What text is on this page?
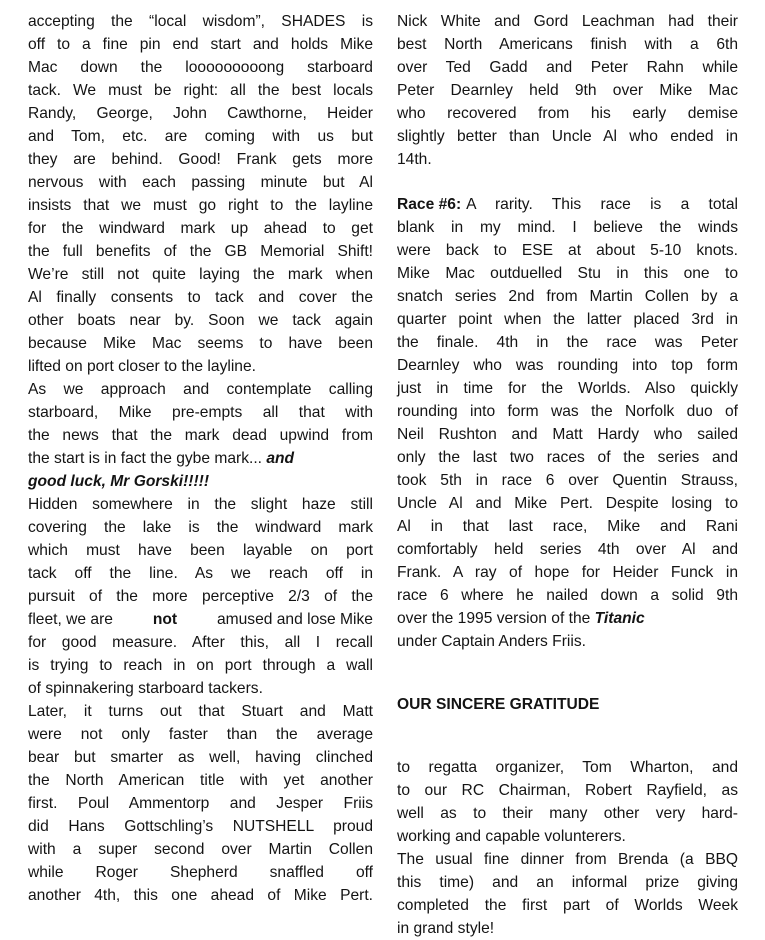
accepting the “local wisdom”, SHADES is
off to a fine pin end start and holds Mike
Mac down the looooooooong starboard
tack. We must be right: all the best locals
Randy, George, John Cawthorne, Heider
and Tom, etc. are coming with us but
they are behind. Good! Frank gets more
nervous with each passing minute but Al
insists that we must go right to the layline
for the windward mark up ahead to get
the full benefits of the GB Memorial Shift!
We’re still not quite laying the mark when
Al finally consents to tack and cover the
other boats near by. Soon we tack again
because Mike Mac seems to have been
lifted on port closer to the layline.
As we approach and contemplate calling
starboard, Mike pre-empts all that with
the news that the mark dead upwind from
the start is in fact the gybe mark... and
good luck, Mr Gorski!!!!!
Hidden somewhere in the slight haze still
covering the lake is the windward mark
which must have been layable on port
tack off the line. As we reach off in
pursuit of the more perceptive 2/3 of the
fleet, we are	not	amused and lose Mike
for good measure. After this, all I recall
is trying to reach in on port through a wall
of spinnakering starboard tackers.
Later, it turns out that Stuart and Matt
were not only faster than the average
bear but smarter as well, having clinched
the North American title with yet another
first. Poul Ammentorp and Jesper Friis
did Hans Gottschling’s NUTSHELL proud
with a super second over Martin Collen
while Roger Shepherd snaffled off
another 4th, this one ahead of Mike Pert.
Nick White and Gord Leachman had their
best North Americans finish with a 6th
over Ted Gadd and Peter Rahn while
Peter Dearnley held 9th over Mike Mac
who recovered from his early demise
slightly better than Uncle Al who ended in
14th.
Race #6: A rarity. This race is a total
blank in my mind. I believe the winds
were back to ESE at about 5-10 knots.
Mike Mac outduelled Stu in this one to
snatch series 2nd from Martin Collen by a
quarter point when the latter placed 3rd in
the finale. 4th in the race was Peter
Dearnley who was rounding into top form
just in time for the Worlds. Also quickly
rounding into form was the Norfolk duo of
Neil Rushton and Matt Hardy who sailed
only the last two races of the series and
took 5th in race 6 over Quentin Strauss,
Uncle Al and Mike Pert. Despite losing to
Al in that last race, Mike and Rani
comfortably held series 4th over Al and
Frank. A ray of hope for Heider Funck in
race 6 where he nailed down a solid 9th
over the 1995 version of the Titanic
under Captain Anders Friis.
OUR SINCERE GRATITUDE
to regatta organizer, Tom Wharton, and
to our RC Chairman, Robert Rayfield, as
well as to their many other very hard-
working and capable volunterers.
The usual fine dinner from Brenda (a BBQ
this time) and an informal prize giving
completed the first part of Worlds Week
in grand style!
